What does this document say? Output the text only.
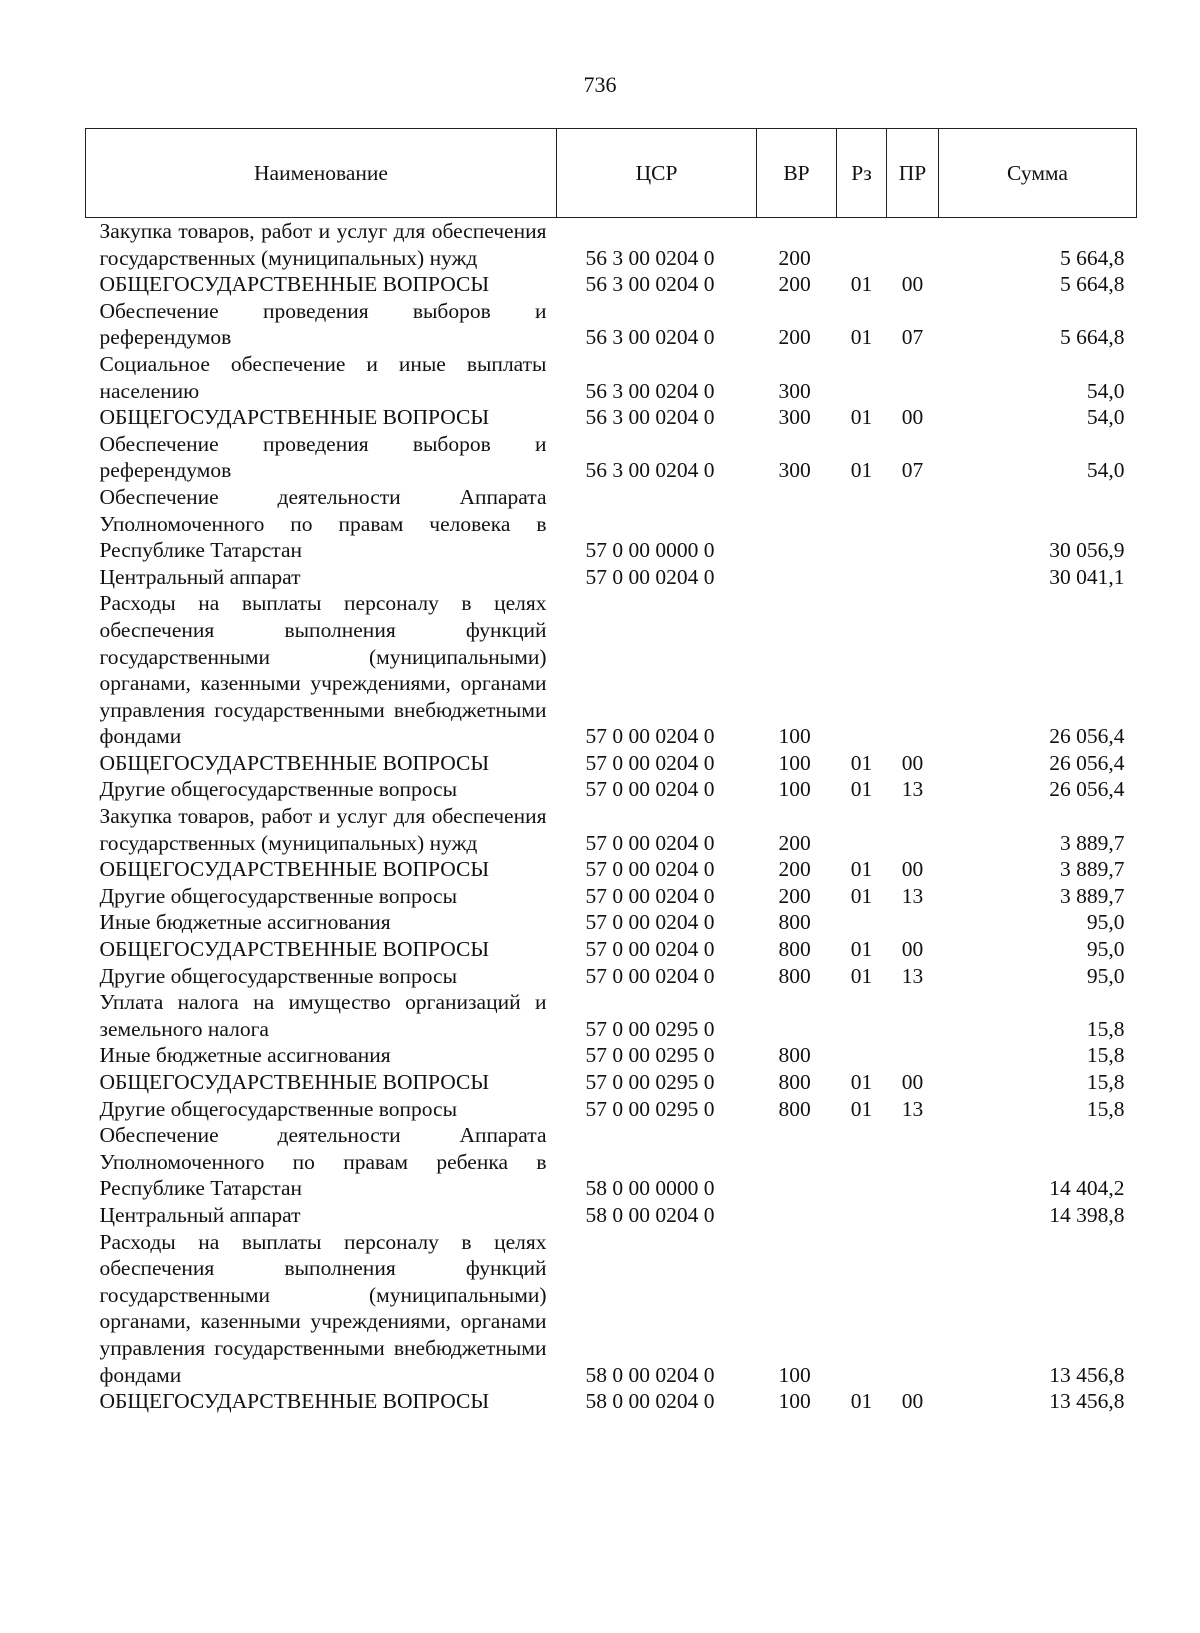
736
Наименование	ЦСР	ВР	Рз	ПР	Сумма
Закупка товаров, работ и услуг для обеспечения государственных (муниципальных) нужд	56 3 00 0204 0	200			5 664,8
ОБЩЕГОСУДАРСТВЕННЫЕ ВОПРОСЫ	56 3 00 0204 0	200	01	00	5 664,8
Обеспечение проведения выборов и референдумов	56 3 00 0204 0	200	01	07	5 664,8
Социальное обеспечение и иные выплаты населению	56 3 00 0204 0	300			54,0
ОБЩЕГОСУДАРСТВЕННЫЕ ВОПРОСЫ	56 3 00 0204 0	300	01	00	54,0
Обеспечение проведения выборов и референдумов	56 3 00 0204 0	300	01	07	54,0
Обеспечение деятельности Аппарата Уполномоченного по правам человека в Республике Татарстан	57 0 00 0000 0				30 056,9
Центральный аппарат	57 0 00 0204 0				30 041,1
Расходы на выплаты персоналу в целях обеспечения выполнения функций государственными (муниципальными) органами, казенными учреждениями, органами управления государственными внебюджетными фондами	57 0 00 0204 0	100			26 056,4
ОБЩЕГОСУДАРСТВЕННЫЕ ВОПРОСЫ	57 0 00 0204 0	100	01	00	26 056,4
Другие общегосударственные вопросы	57 0 00 0204 0	100	01	13	26 056,4
Закупка товаров, работ и услуг для обеспечения государственных (муниципальных) нужд	57 0 00 0204 0	200			3 889,7
ОБЩЕГОСУДАРСТВЕННЫЕ ВОПРОСЫ	57 0 00 0204 0	200	01	00	3 889,7
Другие общегосударственные вопросы	57 0 00 0204 0	200	01	13	3 889,7
Иные бюджетные ассигнования	57 0 00 0204 0	800			95,0
ОБЩЕГОСУДАРСТВЕННЫЕ ВОПРОСЫ	57 0 00 0204 0	800	01	00	95,0
Другие общегосударственные вопросы	57 0 00 0204 0	800	01	13	95,0
Уплата налога на имущество организаций и земельного налога	57 0 00 0295 0				15,8
Иные бюджетные ассигнования	57 0 00 0295 0	800			15,8
ОБЩЕГОСУДАРСТВЕННЫЕ ВОПРОСЫ	57 0 00 0295 0	800	01	00	15,8
Другие общегосударственные вопросы	57 0 00 0295 0	800	01	13	15,8
Обеспечение деятельности Аппарата Уполномоченного по правам ребенка в Республике Татарстан	58 0 00 0000 0				14 404,2
Центральный аппарат	58 0 00 0204 0				14 398,8
Расходы на выплаты персоналу в целях обеспечения выполнения функций государственными (муниципальными) органами, казенными учреждениями, органами управления государственными внебюджетными фондами	58 0 00 0204 0	100			13 456,8
ОБЩЕГОСУДАРСТВЕННЫЕ ВОПРОСЫ	58 0 00 0204 0	100	01	00	13 456,8
